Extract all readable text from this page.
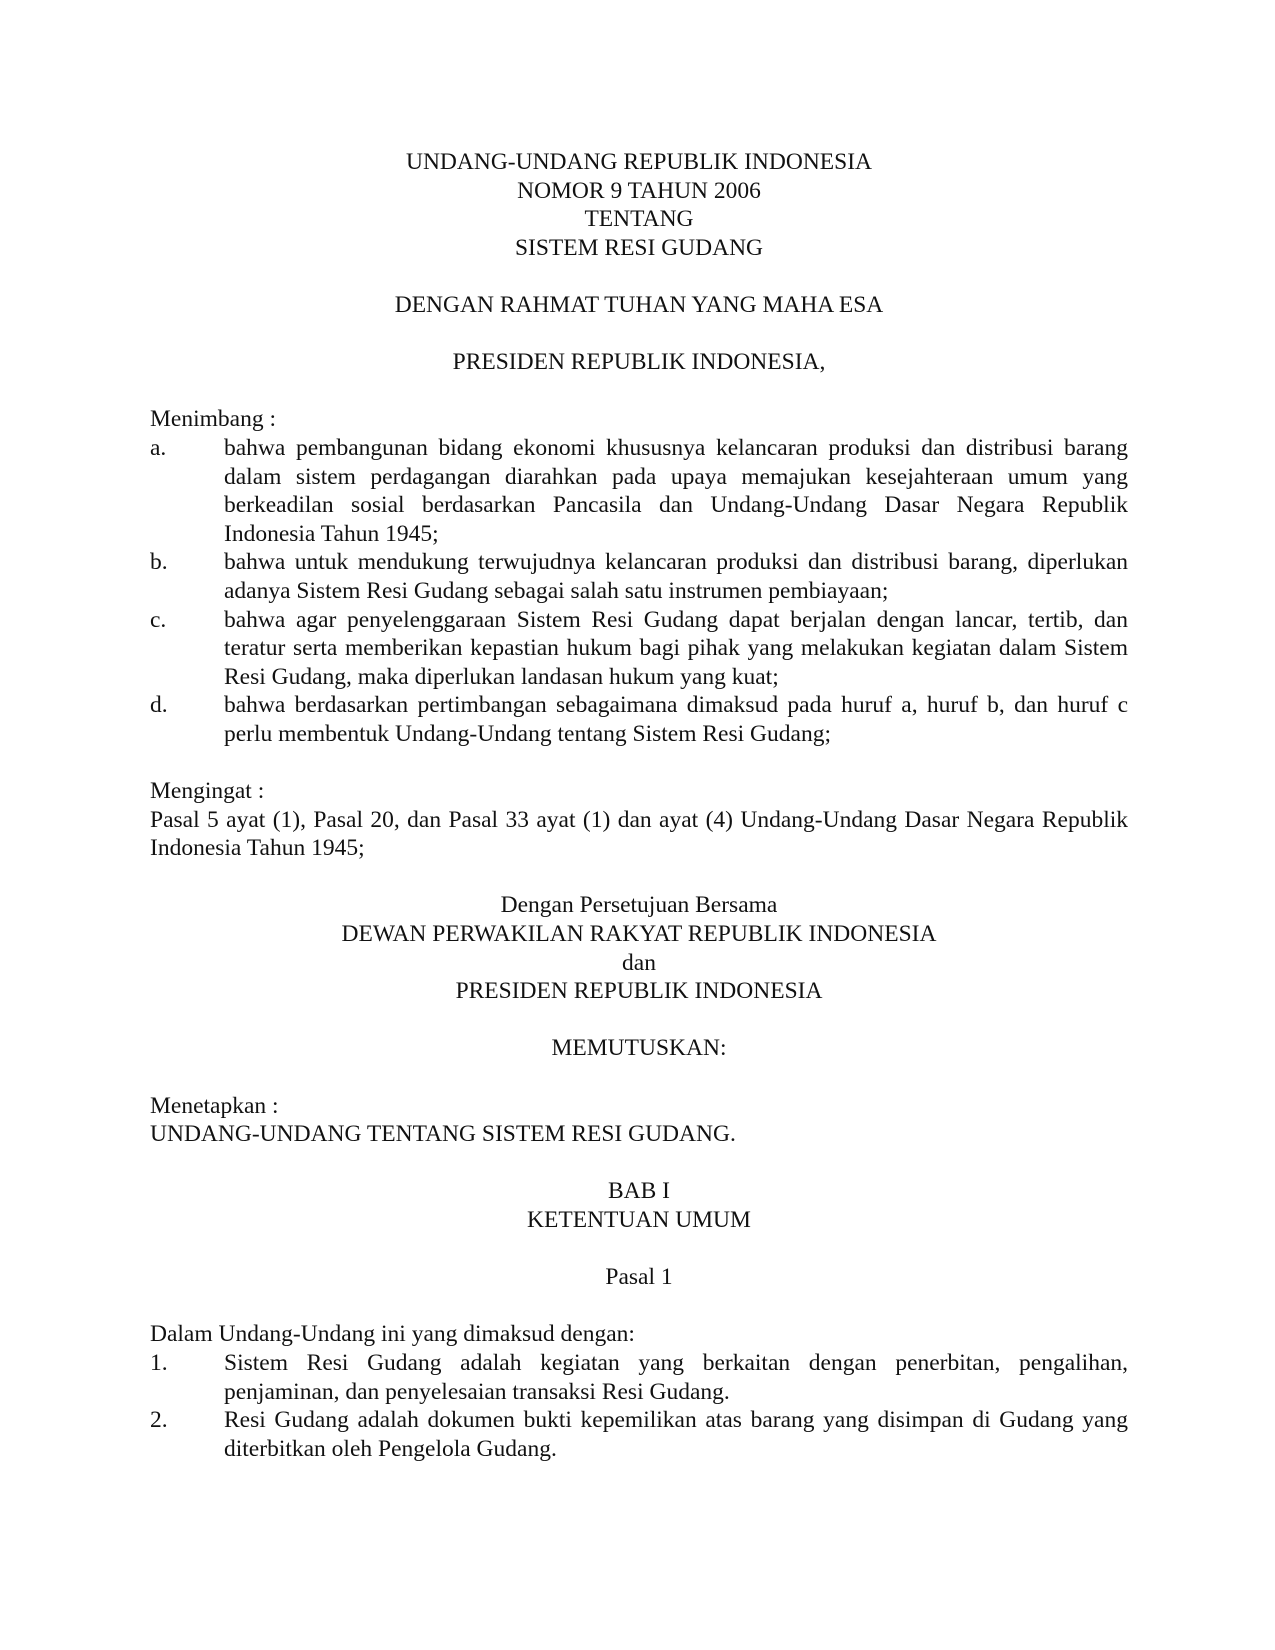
UNDANG-UNDANG REPUBLIK INDONESIA
NOMOR 9 TAHUN 2006
TENTANG
SISTEM RESI GUDANG
DENGAN RAHMAT TUHAN YANG MAHA ESA
PRESIDEN REPUBLIK INDONESIA,
Menimbang :
a.	bahwa pembangunan bidang ekonomi khususnya kelancaran produksi dan distribusi barang dalam sistem perdagangan diarahkan pada upaya memajukan kesejahteraan umum yang berkeadilan sosial berdasarkan Pancasila dan Undang-Undang Dasar Negara Republik Indonesia Tahun 1945;
b.	bahwa untuk mendukung terwujudnya kelancaran produksi dan distribusi barang, diperlukan adanya Sistem Resi Gudang sebagai salah satu instrumen pembiayaan;
c.	bahwa agar penyelenggaraan Sistem Resi Gudang dapat berjalan dengan lancar, tertib, dan teratur serta memberikan kepastian hukum bagi pihak yang melakukan kegiatan dalam Sistem Resi Gudang, maka diperlukan landasan hukum yang kuat;
d.	bahwa berdasarkan pertimbangan sebagaimana dimaksud pada huruf a, huruf b, dan huruf c perlu membentuk Undang-Undang tentang Sistem Resi Gudang;
Mengingat :
Pasal 5 ayat (1), Pasal 20, dan Pasal 33 ayat (1) dan ayat (4) Undang-Undang Dasar Negara Republik Indonesia Tahun 1945;
Dengan Persetujuan Bersama
DEWAN PERWAKILAN RAKYAT REPUBLIK INDONESIA
dan
PRESIDEN REPUBLIK INDONESIA
MEMUTUSKAN:
Menetapkan :
UNDANG-UNDANG TENTANG SISTEM RESI GUDANG.
BAB I
KETENTUAN UMUM
Pasal 1
Dalam Undang-Undang ini yang dimaksud dengan:
1.	Sistem Resi Gudang adalah kegiatan yang berkaitan dengan penerbitan, pengalihan, penjaminan, dan penyelesaian transaksi Resi Gudang.
2.	Resi Gudang adalah dokumen bukti kepemilikan atas barang yang disimpan di Gudang yang diterbitkan oleh Pengelola Gudang.
